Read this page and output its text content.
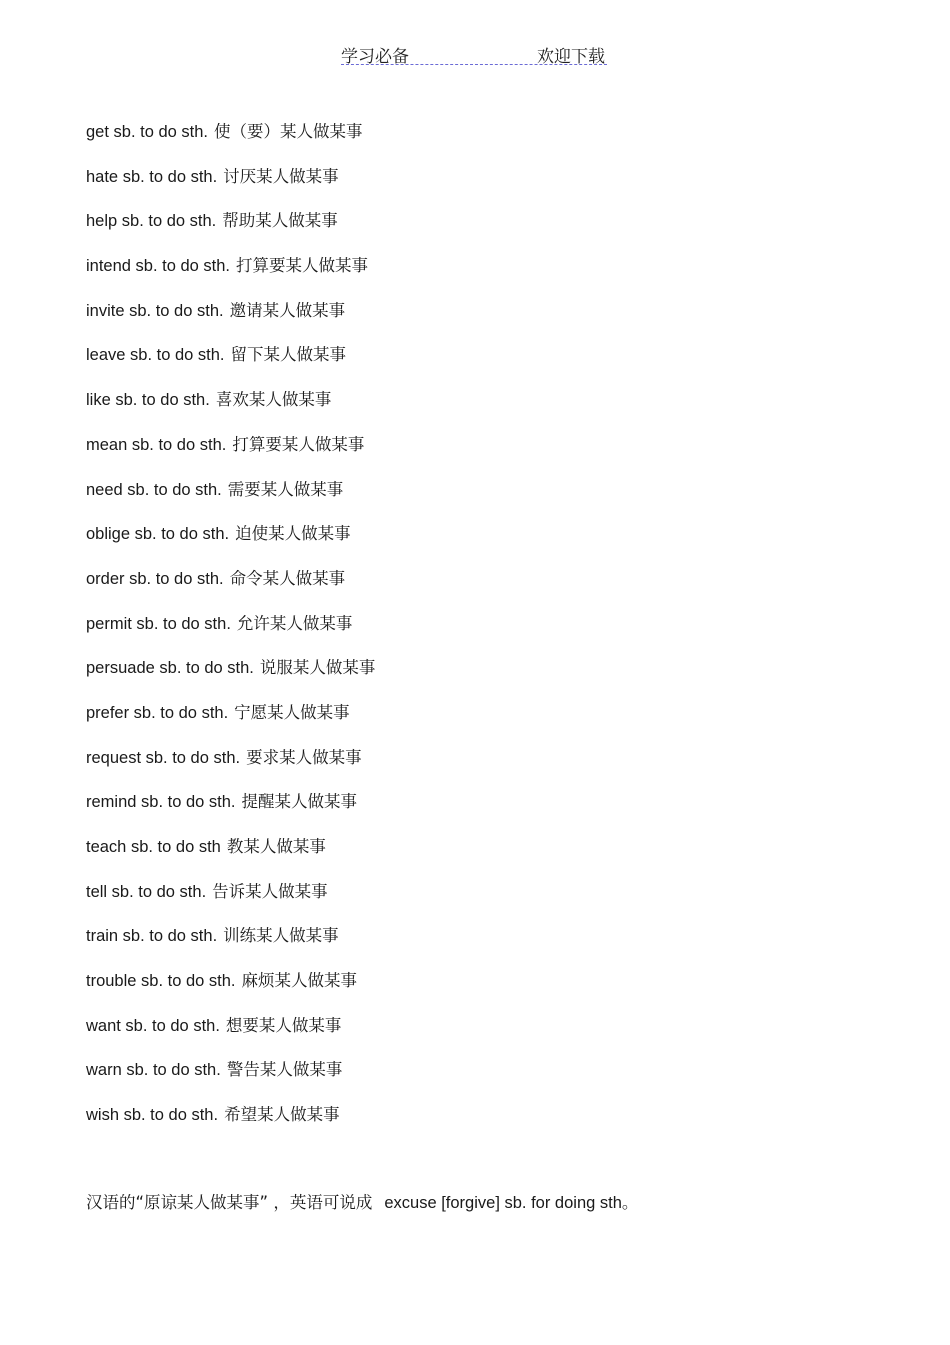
学习必备	欢迎下载
get sb. to do sth. 使（要）某人做某事
hate sb. to do sth. 讨厌某人做某事
help sb. to do sth. 帮助某人做某事
intend sb. to do sth. 打算要某人做某事
invite sb. to do sth. 邀请某人做某事
leave sb. to do sth. 留下某人做某事
like sb. to do sth. 喜欢某人做某事
mean sb. to do sth. 打算要某人做某事
need sb. to do sth. 需要某人做某事
oblige sb. to do sth. 迫使某人做某事
order sb. to do sth. 命令某人做某事
permit sb. to do sth. 允许某人做某事
persuade sb. to do sth. 说服某人做某事
prefer sb. to do sth. 宁愿某人做某事
request sb. to do sth. 要求某人做某事
remind sb. to do sth. 提醒某人做某事
teach sb. to do sth 教某人做某事
tell sb. to do sth. 告诉某人做某事
train sb. to do sth. 训练某人做某事
trouble sb. to do sth. 麻烦某人做某事
want sb. to do sth. 想要某人做某事
warn sb. to do sth. 警告某人做某事
wish sb. to do sth. 希望某人做某事
汉语的“原谅某人做某事” ，英语可说成 excuse [forgive] sb. for doing sth。
